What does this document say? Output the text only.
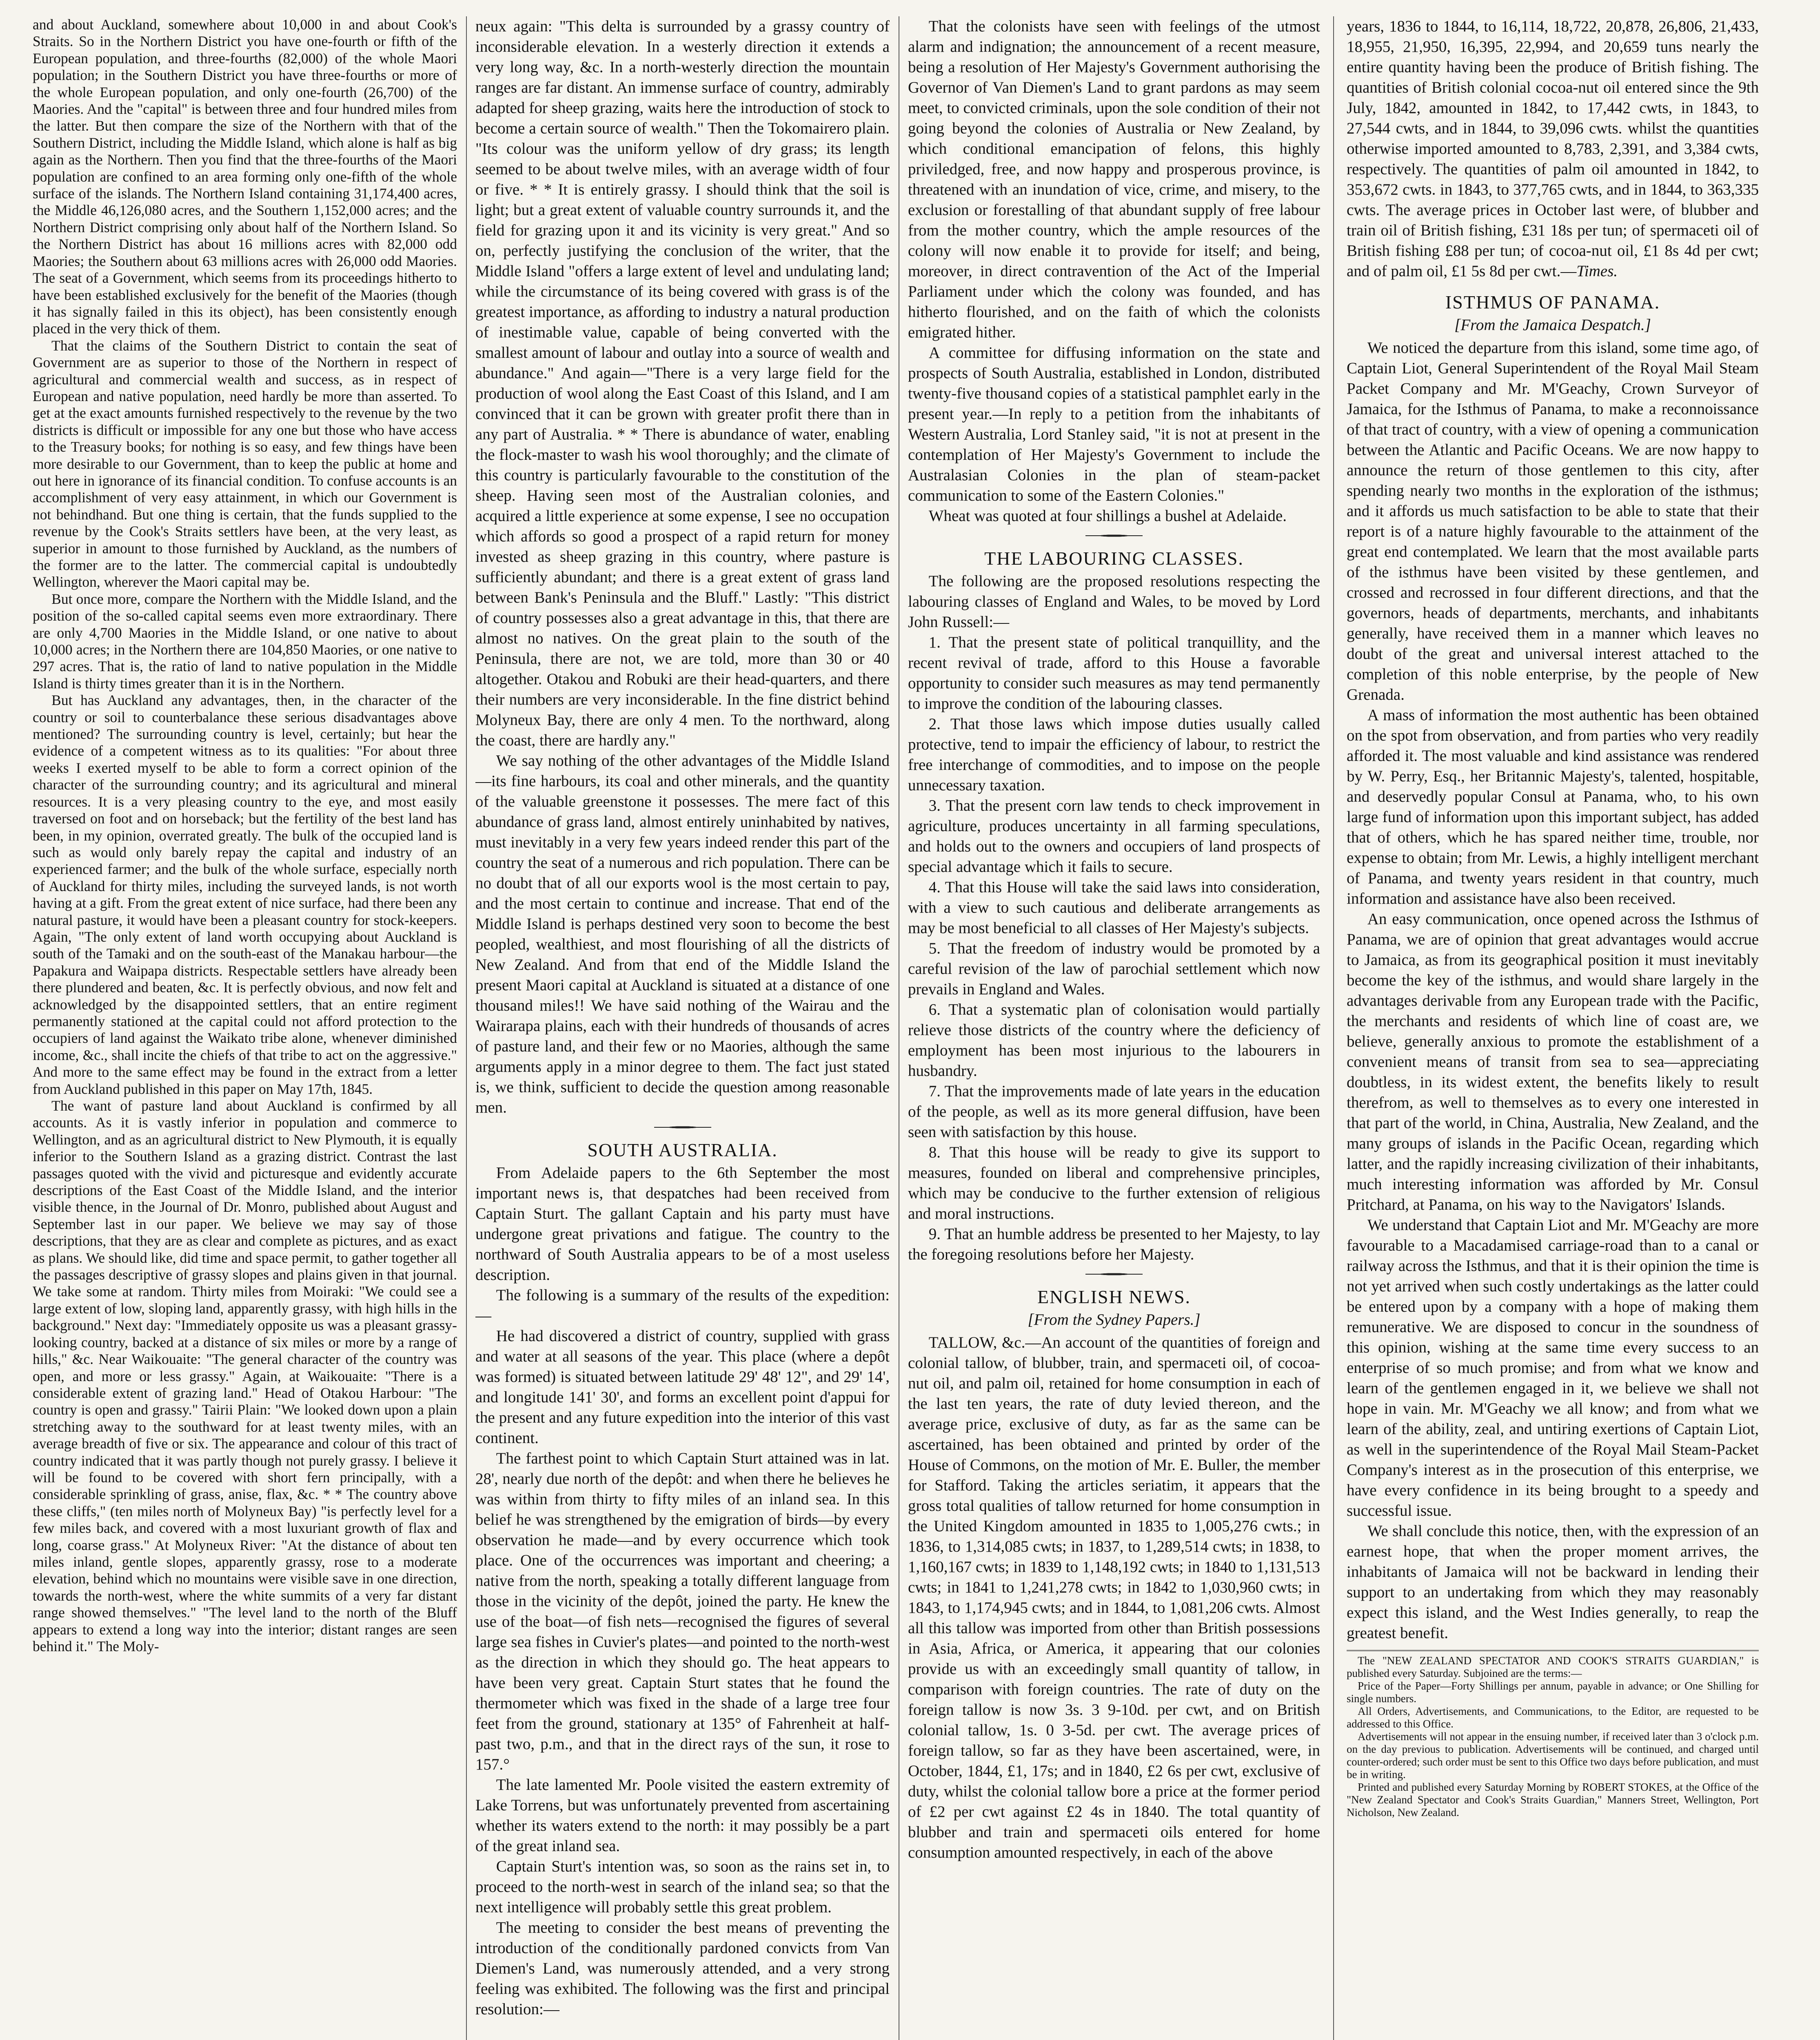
and about Auckland, somewhere about 10,000 in and about Cook's Straits. So in the Northern District you have one-fourth or fifth of the European population, and three-fourths (82,000) of the whole Maori population; in the Southern District you have three-fourths or more of the whole European population, and only one-fourth (26,700) of the Maories. And the "capital" is between three and four hundred miles from the latter. But then compare the size of the Northern with that of the Southern District, including the Middle Island, which alone is half as big again as the Northern. Then you find that the three-fourths of the Maori population are confined to an area forming only one-fifth of the whole surface of the islands. The Northern Island containing 31,174,400 acres, the Middle 46,126,080 acres, and the Southern 1,152,000 acres; and the Northern District comprising only about half of the Northern Island. So the Northern District has about 16 millions acres with 82,000 odd Maories; the Southern about 63 millions acres with 26,000 odd Maories. The seat of a Government, which seems from its proceedings hitherto to have been established exclusively for the benefit of the Maories (though it has signally failed in this its object), has been consistently enough placed in the very thick of them.

That the claims of the Southern District to contain the seat of Government are as superior to those of the Northern in respect of agricultural and commercial wealth and success, as in respect of European and native population, need hardly be more than asserted. To get at the exact amounts furnished respectively to the revenue by the two districts is difficult or impossible for any one but those who have access to the Treasury books; for nothing is so easy, and few things have been more desirable to our Government, than to keep the public at home and out here in ignorance of its financial condition. To confuse accounts is an accomplishment of very easy attainment, in which our Government is not behindhand. But one thing is certain, that the funds supplied to the revenue by the Cook's Straits settlers have been, at the very least, as superior in amount to those furnished by Auckland, as the numbers of the former are to the latter. The commercial capital is undoubtedly Wellington, wherever the Maori capital may be.

But once more, compare the Northern with the Middle Island, and the position of the so-called capital seems even more extraordinary. There are only 4,700 Maories in the Middle Island, or one native to about 10,000 acres; in the Northern there are 104,850 Maories, or one native to 297 acres. That is, the ratio of land to native population in the Middle Island is thirty times greater than it is in the Northern.

But has Auckland any advantages, then, in the character of the country or soil to counterbalance these serious disadvantages above mentioned? The surrounding country is level, certainly; but hear the evidence of a competent witness as to its qualities: "For about three weeks I exerted myself to be able to form a correct opinion of the character of the surrounding country; and its agricultural and mineral resources. It is a very pleasing country to the eye, and most easily traversed on foot and on horseback; but the fertility of the best land has been, in my opinion, overrated greatly. The bulk of the occupied land is such as would only barely repay the capital and industry of an experienced farmer; and the bulk of the whole surface, especially north of Auckland for thirty miles, including the surveyed lands, is not worth having at a gift. From the great extent of nice surface, had there been any natural pasture, it would have been a pleasant country for stock-keepers. Again, "The only extent of land worth occupying about Auckland is south of the Tamaki and on the south-east of the Manakau harbour—the Papakura and Waipapa districts. Respectable settlers have already been there plundered and beaten, &c. It is perfectly obvious, and now felt and acknowledged by the disappointed settlers, that an entire regiment permanently stationed at the capital could not afford protection to the occupiers of land against the Waikato tribe alone, whenever diminished income, &c., shall incite the chiefs of that tribe to act on the aggressive." And more to the same effect may be found in the extract from a letter from Auckland published in this paper on May 17th, 1845.

The want of pasture land about Auckland is confirmed by all accounts. As it is vastly inferior in population and commerce to Wellington, and as an agricultural district to New Plymouth, it is equally inferior to the Southern Island as a grazing district. Contrast the last passages quoted with the vivid and picturesque and evidently accurate descriptions of the East Coast of the Middle Island, and the interior visible thence, in the Journal of Dr. Monro, published about August and September last in our paper. We believe we may say of those descriptions, that they are as clear and complete as pictures, and as exact as plans. We should like, did time and space permit, to gather together all the passages descriptive of grassy slopes and plains given in that journal. We take some at random. Thirty miles from Moiraki: "We could see a large extent of low, sloping land, apparently grassy, with high hills in the background." Next day: "Immediately opposite us was a pleasant grassy-looking country, backed at a distance of six miles or more by a range of hills," &c. Near Waikouaite: "The general character of the country was open, and more or less grassy." Again, at Waikouaite: "There is a considerable extent of grazing land." Head of Otakou Harbour: "The country is open and grassy." Tairii Plain: "We looked down upon a plain stretching away to the southward for at least twenty miles, with an average breadth of five or six. The appearance and colour of this tract of country indicated that it was partly though not purely grassy. I believe it will be found to be covered with short fern principally, with a considerable sprinkling of grass, anise, flax, &c. * * The country above these cliffs," (ten miles north of Molyneux Bay) "is perfectly level for a few miles back, and covered with a most luxuriant growth of flax and long, coarse grass." At Molyneux River: "At the distance of about ten miles inland, gentle slopes, apparently grassy, rose to a moderate elevation, behind which no mountains were visible save in one direction, towards the north-west, where the white summits of a very far distant range showed themselves." "The level land to the north of the Bluff appears to extend a long way into the interior; distant ranges are seen behind it." The Moly-

neux again: "This delta is surrounded by a grassy country of inconsiderable elevation. In a westerly direction it extends a very long way, &c. In a north-westerly direction the mountain ranges are far distant. An immense surface of country, admirably adapted for sheep grazing, waits here the introduction of stock to become a certain source of wealth." Then the Tokomairero plain. "Its colour was the uniform yellow of dry grass; its length seemed to be about twelve miles, with an average width of four or five. * * It is entirely grassy. I should think that the soil is light; but a great extent of valuable country surrounds it, and the field for grazing upon it and its vicinity is very great." And so on, perfectly justifying the conclusion of the writer, that the Middle Island "offers a large extent of level and undulating land; while the circumstance of its being covered with grass is of the greatest importance, as affording to industry a natural production of inestimable value, capable of being converted with the smallest amount of labour and outlay into a source of wealth and abundance." And again—"There is a very large field for the production of wool along the East Coast of this Island, and I am convinced that it can be grown with greater profit there than in any part of Australia. * * There is abundance of water, enabling the flock-master to wash his wool thoroughly; and the climate of this country is particularly favourable to the constitution of the sheep. Having seen most of the Australian colonies, and acquired a little experience at some expense, I see no occupation which affords so good a prospect of a rapid return for money invested as sheep grazing in this country, where pasture is sufficiently abundant; and there is a great extent of grass land between Bank's Peninsula and the Bluff." Lastly: "This district of country possesses also a great advantage in this, that there are almost no natives. On the great plain to the south of the Peninsula, there are not, we are told, more than 30 or 40 altogether. Otakou and Robuki are their head-quarters, and there their numbers are very inconsiderable. In the fine district behind Molyneux Bay, there are only 4 men. To the northward, along the coast, there are hardly any."

We say nothing of the other advantages of the Middle Island—its fine harbours, its coal and other minerals, and the quantity of the valuable greenstone it possesses. The mere fact of this abundance of grass land, almost entirely uninhabited by natives, must inevitably in a very few years indeed render this part of the country the seat of a numerous and rich population. There can be no doubt that of all our exports wool is the most certain to pay, and the most certain to continue and increase. That end of the Middle Island is perhaps destined very soon to become the best peopled, wealthiest, and most flourishing of all the districts of New Zealand. And from that end of the Middle Island the present Maori capital at Auckland is situated at a distance of one thousand miles!! We have said nothing of the Wairau and the Wairarapa plains, each with their hundreds of thousands of acres of pasture land, and their few or no Maories, although the same arguments apply in a minor degree to them. The fact just stated is, we think, sufficient to decide the question among reasonable men.

SOUTH AUSTRALIA.

From Adelaide papers to the 6th September the most important news is, that despatches had been received from Captain Sturt. The gallant Captain and his party must have undergone great privations and fatigue. The country to the northward of South Australia appears to be of a most useless description.

The following is a summary of the results of the expedition:—

He had discovered a district of country, supplied with grass and water at all seasons of the year. This place (where a depôt was formed) is situated between latitude 29' 48' 12", and 29' 14', and longitude 141' 30', and forms an excellent point d'appui for the present and any future expedition into the interior of this vast continent.

The farthest point to which Captain Sturt attained was in lat. 28', nearly due north of the depôt: and when there he believes he was within from thirty to fifty miles of an inland sea. In this belief he was strengthened by the emigration of birds—by every observation he made—and by every occurrence which took place. One of the occurrences was important and cheering; a native from the north, speaking a totally different language from those in the vicinity of the depôt, joined the party. He knew the use of the boat—of fish nets—recognised the figures of several large sea fishes in Cuvier's plates—and pointed to the north-west as the direction in which they should go. The heat appears to have been very great. Captain Sturt states that he found the thermometer which was fixed in the shade of a large tree four feet from the ground, stationary at 135° of Fahrenheit at half-past two, p.m., and that in the direct rays of the sun, it rose to 157.°

The late lamented Mr. Poole visited the eastern extremity of Lake Torrens, but was unfortunately prevented from ascertaining whether its waters extend to the north: it may possibly be a part of the great inland sea.

Captain Sturt's intention was, so soon as the rains set in, to proceed to the north-west in search of the inland sea; so that the next intelligence will probably settle this great problem.

The meeting to consider the best means of preventing the introduction of the conditionally pardoned convicts from Van Diemen's Land, was numerously attended, and a very strong feeling was exhibited. The following was the first and principal resolution:—

That the colonists have seen with feelings of the utmost alarm and indignation; the announcement of a recent measure, being a resolution of Her Majesty's Government authorising the Governor of Van Diemen's Land to grant pardons as may seem meet, to convicted criminals, upon the sole condition of their not going beyond the colonies of Australia or New Zealand, by which conditional emancipation of felons, this highly priviledged, free, and now happy and prosperous province, is threatened with an inundation of vice, crime, and misery, to the exclusion or forestalling of that abundant supply of free labour from the mother country, which the ample resources of the colony will now enable it to provide for itself; and being, moreover, in direct contravention of the Act of the Imperial Parliament under which the colony was founded, and has hitherto flourished, and on the faith of which the colonists emigrated hither.

A committee for diffusing information on the state and prospects of South Australia, established in London, distributed twenty-five thousand copies of a statistical pamphlet early in the present year.—In reply to a petition from the inhabitants of Western Australia, Lord Stanley said, "it is not at present in the contemplation of Her Majesty's Government to include the Australasian Colonies in the plan of steam-packet communication to some of the Eastern Colonies."

Wheat was quoted at four shillings a bushel at Adelaide.

THE LABOURING CLASSES.

The following are the proposed resolutions respecting the labouring classes of England and Wales, to be moved by Lord John Russell:—

1. That the present state of political tranquillity, and the recent revival of trade, afford to this House a favorable opportunity to consider such measures as may tend permanently to improve the condition of the labouring classes.

2. That those laws which impose duties usually called protective, tend to impair the efficiency of labour, to restrict the free interchange of commodities, and to impose on the people unnecessary taxation.

3. That the present corn law tends to check improvement in agriculture, produces uncertainty in all farming speculations, and holds out to the owners and occupiers of land prospects of special advantage which it fails to secure.

4. That this House will take the said laws into consideration, with a view to such cautious and deliberate arrangements as may be most beneficial to all classes of Her Majesty's subjects.

5. That the freedom of industry would be promoted by a careful revision of the law of parochial settlement which now prevails in England and Wales.

6. That a systematic plan of colonisation would partially relieve those districts of the country where the deficiency of employment has been most injurious to the labourers in husbandry.

7. That the improvements made of late years in the education of the people, as well as its more general diffusion, have been seen with satisfaction by this house.

8. That this house will be ready to give its support to measures, founded on liberal and comprehensive principles, which may be conducive to the further extension of religious and moral instructions.

9. That an humble address be presented to her Majesty, to lay the foregoing resolutions before her Majesty.

ENGLISH NEWS.
[From the Sydney Papers.]

TALLOW, &c.—An account of the quantities of foreign and colonial tallow, of blubber, train, and spermaceti oil, of cocoa-nut oil, and palm oil, retained for home consumption in each of the last ten years, the rate of duty levied thereon, and the average price, exclusive of duty, as far as the same can be ascertained, has been obtained and printed by order of the House of Commons, on the motion of Mr. E. Buller, the member for Stafford. Taking the articles seriatim, it appears that the gross total qualities of tallow returned for home consumption in the United Kingdom amounted in 1835 to 1,005,276 cwts.; in 1836, to 1,314,085 cwts; in 1837, to 1,289,514 cwts; in 1838, to 1,160,167 cwts; in 1839 to 1,148,192 cwts; in 1840 to 1,131,513 cwts; in 1841 to 1,241,278 cwts; in 1842 to 1,030,960 cwts; in 1843, to 1,174,945 cwts; and in 1844, to 1,081,206 cwts. Almost all this tallow was imported from other than British possessions in Asia, Africa, or America, it appearing that our colonies provide us with an exceedingly small quantity of tallow, in comparison with foreign countries. The rate of duty on the foreign tallow is now 3s. 3 9-10d. per cwt, and on British colonial tallow, 1s. 0 3-5d. per cwt. The average prices of foreign tallow, so far as they have been ascertained, were, in October, 1844, £1, 17s; and in 1840, £2 6s per cwt, exclusive of duty, whilst the colonial tallow bore a price at the former period of £2 per cwt against £2 4s in 1840. The total quantity of blubber and train and spermaceti oils entered for home consumption amounted respectively, in each of the above

years, 1836 to 1844, to 16,114, 18,722, 20,878, 26,806, 21,433, 18,955, 21,950, 16,395, 22,994, and 20,659 tuns nearly the entire quantity having been the produce of British fishing. The quantities of British colonial cocoa-nut oil entered since the 9th July, 1842, amounted in 1842, to 17,442 cwts, in 1843, to 27,544 cwts, and in 1844, to 39,096 cwts. whilst the quantities otherwise imported amounted to 8,783, 2,391, and 3,384 cwts, respectively. The quantities of palm oil amounted in 1842, to 353,672 cwts. in 1843, to 377,765 cwts, and in 1844, to 363,335 cwts. The average prices in October last were, of blubber and train oil of British fishing, £31 18s per tun; of spermaceti oil of British fishing £88 per tun; of cocoa-nut oil, £1 8s 4d per cwt; and of palm oil, £1 5s 8d per cwt.—Times.

ISTHMUS OF PANAMA.
[From the Jamaica Despatch.]

We noticed the departure from this island, some time ago, of Captain Liot, General Superintendent of the Royal Mail Steam Packet Company and Mr. M'Geachy, Crown Surveyor of Jamaica, for the Isthmus of Panama, to make a reconnoissance of that tract of country, with a view of opening a communication between the Atlantic and Pacific Oceans. We are now happy to announce the return of those gentlemen to this city, after spending nearly two months in the exploration of the isthmus; and it affords us much satisfaction to be able to state that their report is of a nature highly favourable to the attainment of the great end contemplated. We learn that the most available parts of the isthmus have been visited by these gentlemen, and crossed and recrossed in four different directions, and that the governors, heads of departments, merchants, and inhabitants generally, have received them in a manner which leaves no doubt of the great and universal interest attached to the completion of this noble enterprise, by the people of New Grenada.

A mass of information the most authentic has been obtained on the spot from observation, and from parties who very readily afforded it. The most valuable and kind assistance was rendered by W. Perry, Esq., her Britannic Majesty's, talented, hospitable, and deservedly popular Consul at Panama, who, to his own large fund of information upon this important subject, has added that of others, which he has spared neither time, trouble, nor expense to obtain; from Mr. Lewis, a highly intelligent merchant of Panama, and twenty years resident in that country, much information and assistance have also been received.

An easy communication, once opened across the Isthmus of Panama, we are of opinion that great advantages would accrue to Jamaica, as from its geographical position it must inevitably become the key of the isthmus, and would share largely in the advantages derivable from any European trade with the Pacific, the merchants and residents of which line of coast are, we believe, generally anxious to promote the establishment of a convenient means of transit from sea to sea—appreciating doubtless, in its widest extent, the benefits likely to result therefrom, as well to themselves as to every one interested in that part of the world, in China, Australia, New Zealand, and the many groups of islands in the Pacific Ocean, regarding which latter, and the rapidly increasing civilization of their inhabitants, much interesting information was afforded by Mr. Consul Pritchard, at Panama, on his way to the Navigators' Islands.

We understand that Captain Liot and Mr. M'Geachy are more favourable to a Macadamised carriage-road than to a canal or railway across the Isthmus, and that it is their opinion the time is not yet arrived when such costly undertakings as the latter could be entered upon by a company with a hope of making them remunerative. We are disposed to concur in the soundness of this opinion, wishing at the same time every success to an enterprise of so much promise; and from what we know and learn of the gentlemen engaged in it, we believe we shall not hope in vain. Mr. M'Geachy we all know; and from what we learn of the ability, zeal, and untiring exertions of Captain Liot, as well in the superintendence of the Royal Mail Steam-Packet Company's interest as in the prosecution of this enterprise, we have every confidence in its being brought to a speedy and successful issue.

We shall conclude this notice, then, with the expression of an earnest hope, that when the proper moment arrives, the inhabitants of Jamaica will not be backward in lending their support to an undertaking from which they may reasonably expect this island, and the West Indies generally, to reap the greatest benefit.

The "NEW ZEALAND SPECTATOR AND COOK'S STRAITS GUARDIAN," is published every Saturday. Subjoined are the terms:—

Price of the Paper—Forty Shillings per annum, payable in advance; or One Shilling for single numbers.

All Orders, Advertisements, and Communications, to the Editor, are requested to be addressed to this Office.

Advertisements will not appear in the ensuing number, if received later than 3 o'clock p.m. on the day previous to publication. Advertisements will be continued, and charged until counter-ordered; such order must be sent to this Office two days before publication, and must be in writing.

Printed and published every Saturday Morning by ROBERT STOKES, at the Office of the "New Zealand Spectator and Cook's Straits Guardian," Manners Street, Wellington, Port Nicholson, New Zealand.
